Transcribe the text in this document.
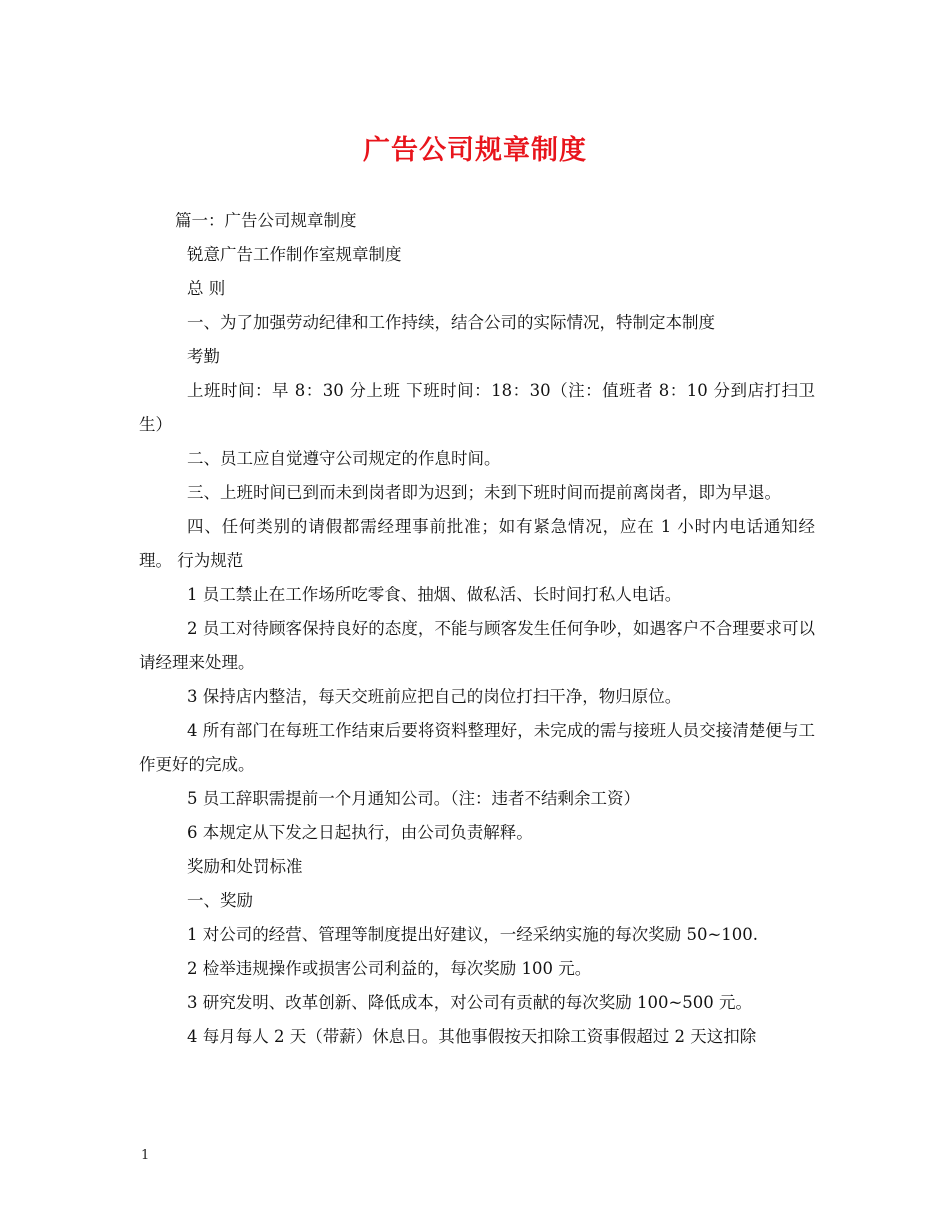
广告公司规章制度

篇一：广告公司规章制度

锐意广告工作制作室规章制度

总 则

一、为了加强劳动纪律和工作持续，结合公司的实际情况，特制定本制度

考勤

上班时间：早 8：30 分上班 下班时间：18：30（注：值班者 8：10 分到店打扫卫生）

二、员工应自觉遵守公司规定的作息时间。

三、上班时间已到而未到岗者即为迟到；未到下班时间而提前离岗者，即为早退。

四、任何类别的请假都需经理事前批准；如有紧急情况，应在 1 小时内电话通知经理。 行为规范

1 员工禁止在工作场所吃零食、抽烟、做私活、长时间打私人电话。

2 员工对待顾客保持良好的态度，不能与顾客发生任何争吵，如遇客户不合理要求可以请经理来处理。

3 保持店内整洁，每天交班前应把自己的岗位打扫干净，物归原位。

4 所有部门在每班工作结束后要将资料整理好，未完成的需与接班人员交接清楚便与工作更好的完成。

5 员工辞职需提前一个月通知公司。（注：违者不结剩余工资）

6 本规定从下发之日起执行，由公司负责解释。

奖励和处罚标准

一、奖励

1 对公司的经营、管理等制度提出好建议，一经采纳实施的每次奖励 50~100.

2 检举违规操作或损害公司利益的，每次奖励 100 元。

3 研究发明、改革创新、降低成本，对公司有贡献的每次奖励 100~500 元。

4 每月每人 2 天（带薪）休息日。其他事假按天扣除工资事假超过 2 天这扣除

1
